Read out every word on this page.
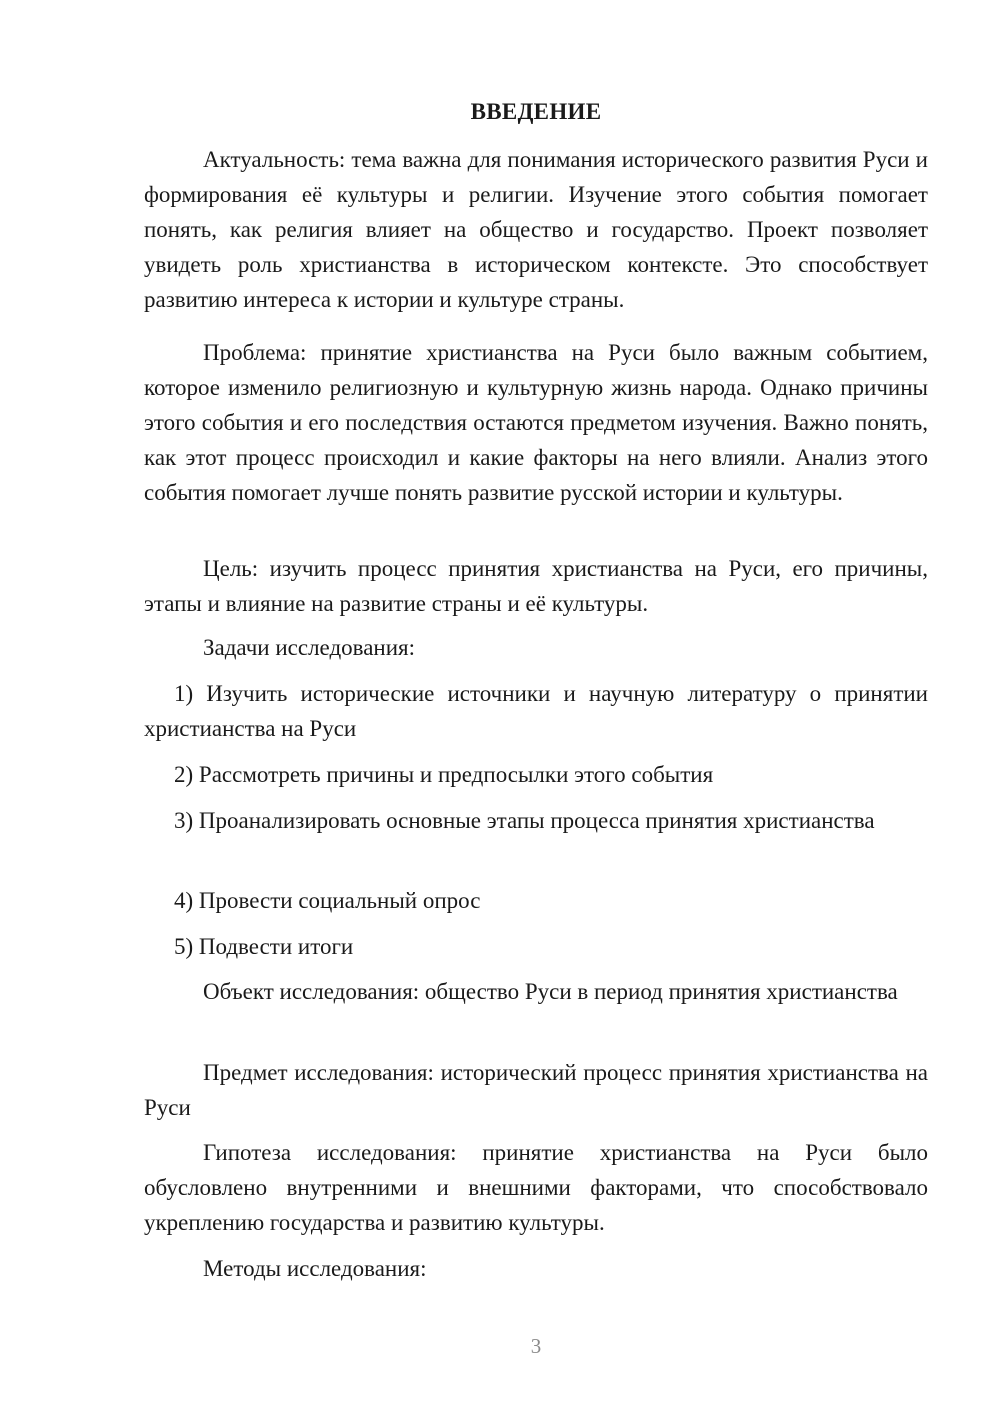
ВВЕДЕНИЕ

Актуальность: тема важна для понимания исторического развития Руси и формирования её культуры и религии. Изучение этого события помогает понять, как религия влияет на общество и государство. Проект позволяет увидеть роль христианства в историческом контексте. Это способствует развитию интереса к истории и культуре страны.

Проблема: принятие христианства на Руси было важным событием, которое изменило религиозную и культурную жизнь народа. Однако причины этого события и его последствия остаются предметом изучения. Важно понять, как этот процесс происходил и какие факторы на него влияли. Анализ этого события помогает лучше понять развитие русской истории и культуры.

Цель: изучить процесс принятия христианства на Руси, его причины, этапы и влияние на развитие страны и её культуры.

Задачи исследования:

1) Изучить исторические источники и научную литературу о принятии христианства на Руси

2) Рассмотреть причины и предпосылки этого события

3) Проанализировать основные этапы процесса принятия христианства

4) Провести социальный опрос

5) Подвести итоги

Объект исследования: общество Руси в период принятия христианства

Предмет исследования: исторический процесс принятия христианства на Руси

Гипотеза исследования: принятие христианства на Руси было обусловлено внутренними и внешними факторами, что способствовало укреплению государства и развитию культуры.

Методы исследования:

3
